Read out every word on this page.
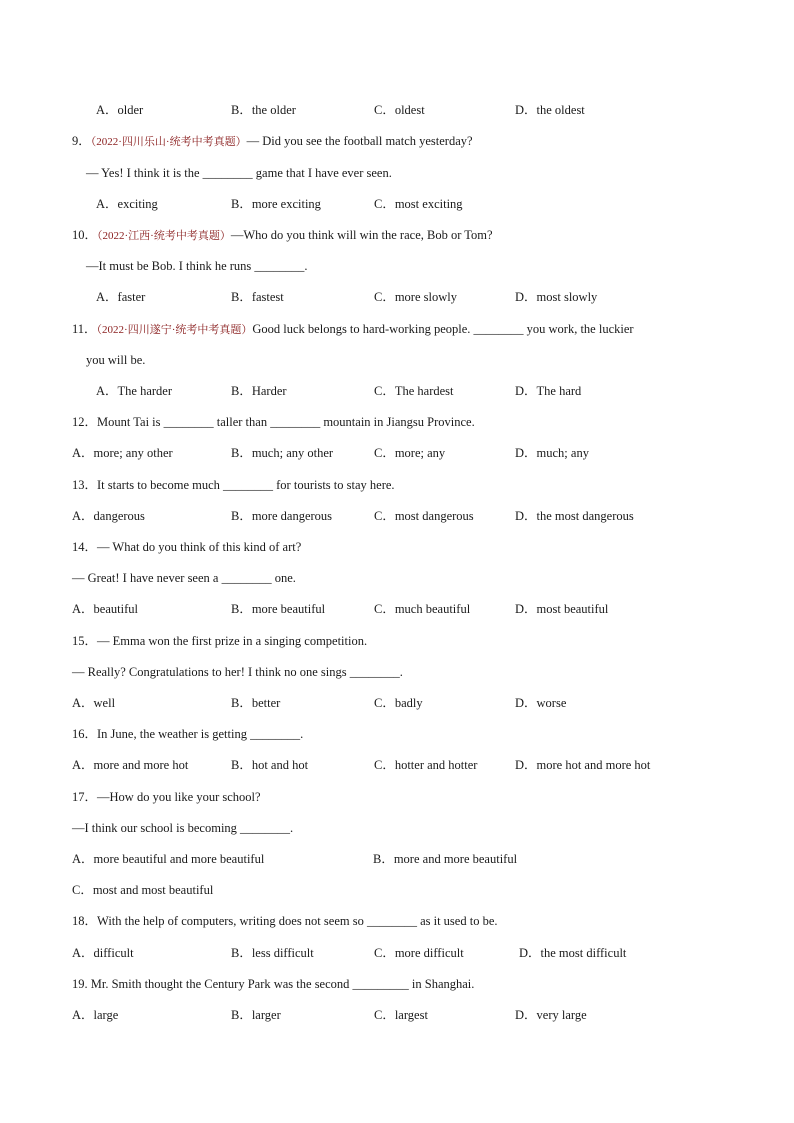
A．older	B．the older	C．oldest	D．the oldest
9．（2022·四川乐山·统考中考真题）— Did you see the football match yesterday?
— Yes! I think it is the ________ game that I have ever seen.
A．exciting	B．more exciting	C．most exciting
10．（2022·江西·统考中考真题）—Who do you think will win the race, Bob or Tom?
—It must be Bob. I think he runs ________.
A．faster	B．fastest	C．more slowly	D．most slowly
11．（2022·四川遂宁·统考中考真题）Good luck belongs to hard-working people. ________ you work, the luckier
you will be.
A．The harder	B．Harder	C．The hardest	D．The hard
12．Mount Tai is ________ taller than ________ mountain in Jiangsu Province.
A．more; any other	B．much; any other	C．more; any	D．much; any
13．It starts to become much ________ for tourists to stay here.
A．dangerous	B．more dangerous	C．most dangerous	D．the most dangerous
14．— What do you think of this kind of art?
— Great! I have never seen a ________ one.
A．beautiful	B．more beautiful	C．much beautiful	D．most beautiful
15．— Emma won the first prize in a singing competition.
— Really? Congratulations to her! I think no one sings ________.
A．well	B．better	C．badly	D．worse
16．In June, the weather is getting ________.
A．more and more hot	B．hot and hot	C．hotter and hotter	D．more hot and more hot
17．—How do you like your school?
—I think our school is becoming ________.
A．more beautiful and more beautiful	B．more and more beautiful
C．most and most beautiful
18．With the help of computers, writing does not seem so ________ as it used to be.
A．difficult	B．less difficult	C．more difficult	D．the most difficult
19. Mr. Smith thought the Century Park was the second _________ in Shanghai.
A．large	B．larger	C．largest	D．very large
